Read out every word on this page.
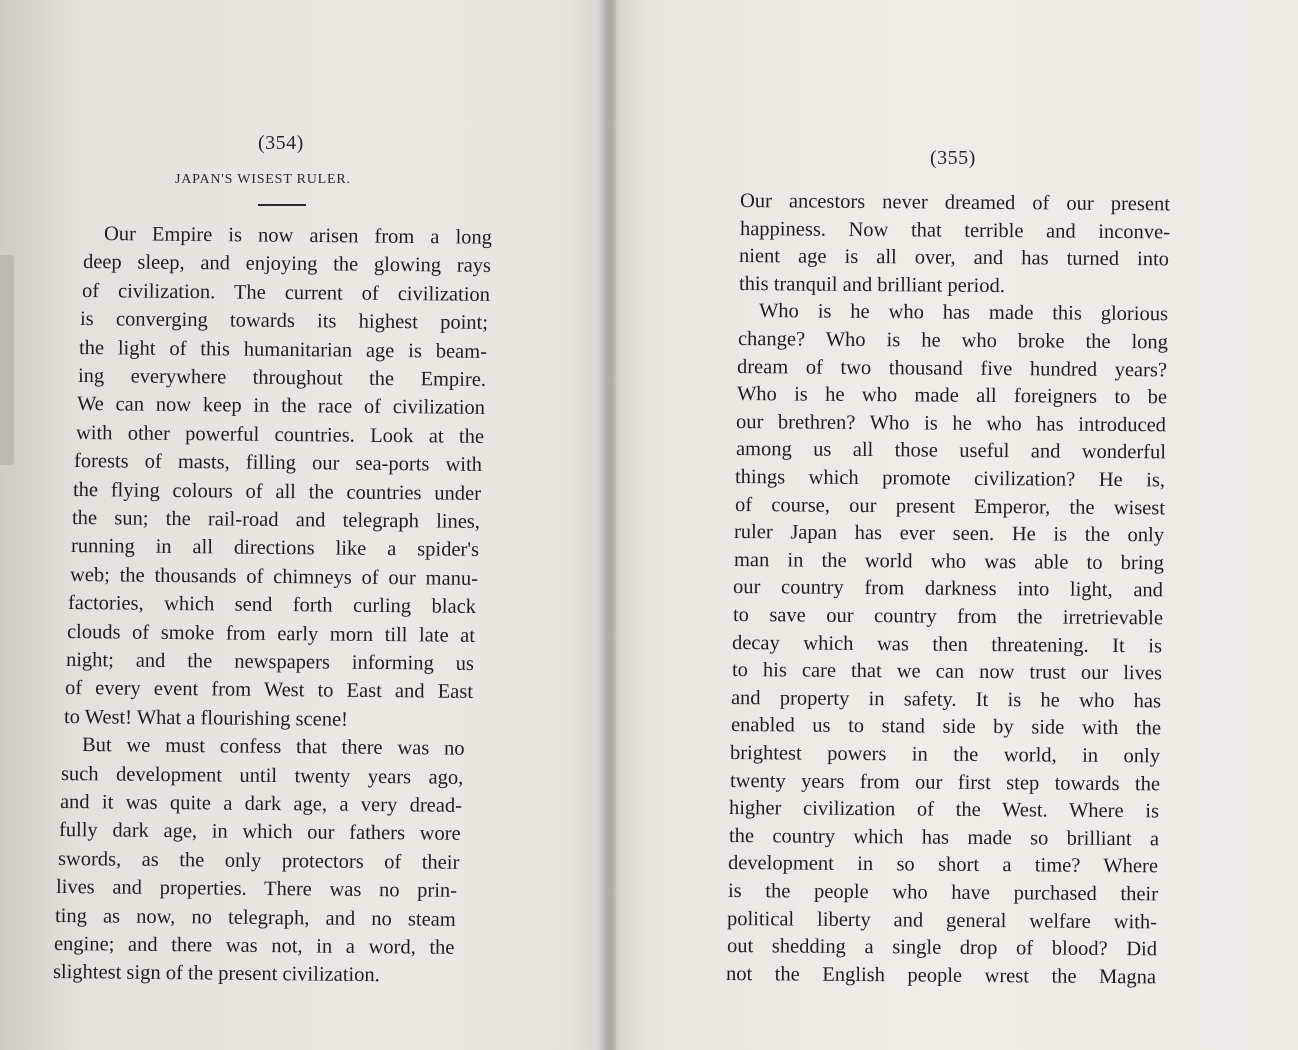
(354)
JAPAN'S WISEST RULER.
Our Empire is now arisen from a long
deep sleep, and enjoying the glowing rays
of civilization. The current of civilization
is converging towards its highest point;
the light of this humanitarian age is beam-
ing everywhere throughout the Empire.
We can now keep in the race of civilization
with other powerful countries. Look at the
forests of masts, filling our sea-ports with
the flying colours of all the countries under
the sun; the rail-road and telegraph lines,
running in all directions like a spider's
web; the thousands of chimneys of our manu-
factories, which send forth curling black
clouds of smoke from early morn till late at
night; and the newspapers informing us
of every event from West to East and East
to West! What a flourishing scene!
But we must confess that there was no
such development until twenty years ago,
and it was quite a dark age, a very dread-
fully dark age, in which our fathers wore
swords, as the only protectors of their
lives and properties. There was no prin-
ting as now, no telegraph, and no steam
engine; and there was not, in a word, the
slightest sign of the present civilization.
(355)
Our ancestors never dreamed of our present
happiness. Now that terrible and inconve-
nient age is all over, and has turned into
this tranquil and brilliant period.
Who is he who has made this glorious
change? Who is he who broke the long
dream of two thousand five hundred years?
Who is he who made all foreigners to be
our brethren? Who is he who has introduced
among us all those useful and wonderful
things which promote civilization? He is,
of course, our present Emperor, the wisest
ruler Japan has ever seen. He is the only
man in the world who was able to bring
our country from darkness into light, and
to save our country from the irretrievable
decay which was then threatening. It is
to his care that we can now trust our lives
and property in safety. It is he who has
enabled us to stand side by side with the
brightest powers in the world, in only
twenty years from our first step towards the
higher civilization of the West. Where is
the country which has made so brilliant a
development in so short a time? Where
is the people who have purchased their
political liberty and general welfare with-
out shedding a single drop of blood? Did
not the English people wrest the Magna
